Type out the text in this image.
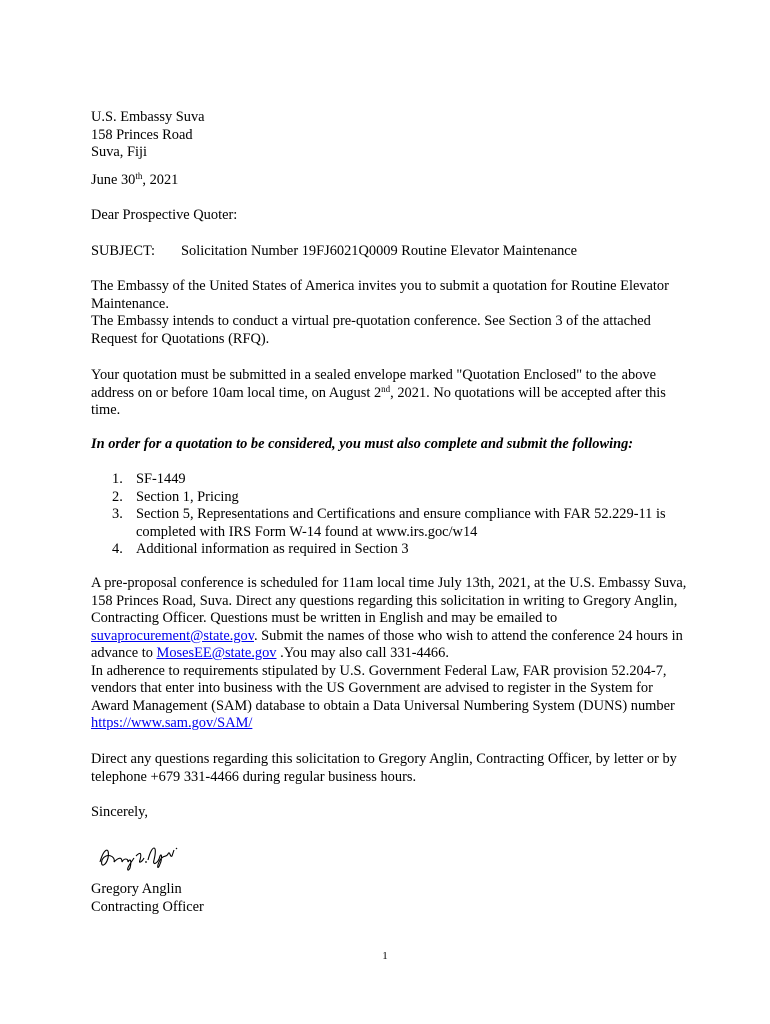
U.S. Embassy Suva

158 Princes Road

Suva, Fiji

June 30th, 2021

Dear Prospective Quoter:

SUBJECT: Solicitation Number 19FJ6021Q0009 Routine Elevator Maintenance

The Embassy of the United States of America invites you to submit a quotation for Routine Elevator Maintenance.

The Embassy intends to conduct a virtual pre-quotation conference. See Section 3 of the attached Request for Quotations (RFQ).

Your quotation must be submitted in a sealed envelope marked "Quotation Enclosed" to the above address on or before 10am local time, on August 2nd, 2021. No quotations will be accepted after this time.

In order for a quotation to be considered, you must also complete and submit the following:

1. SF-1449
2. Section 1, Pricing
3. Section 5, Representations and Certifications and ensure compliance with FAR 52.229-11 is completed with IRS Form W-14 found at www.irs.goc/w14
4. Additional information as required in Section 3

A pre-proposal conference is scheduled for 11am local time July 13th, 2021, at the U.S. Embassy Suva, 158 Princes Road, Suva. Direct any questions regarding this solicitation in writing to Gregory Anglin, Contracting Officer. Questions must be written in English and may be emailed to suvaprocurement@state.gov. Submit the names of those who wish to attend the conference 24 hours in advance to MosesEE@state.gov .You may also call 331-4466.

In adherence to requirements stipulated by U.S. Government Federal Law, FAR provision 52.204-7, vendors that enter into business with the US Government are advised to register in the System for Award Management (SAM) database to obtain a Data Universal Numbering System (DUNS) number https://www.sam.gov/SAM/

Direct any questions regarding this solicitation to Gregory Anglin, Contracting Officer, by letter or by telephone +679 331-4466 during regular business hours.

Sincerely,

Gregory Anglin

Contracting Officer

1
